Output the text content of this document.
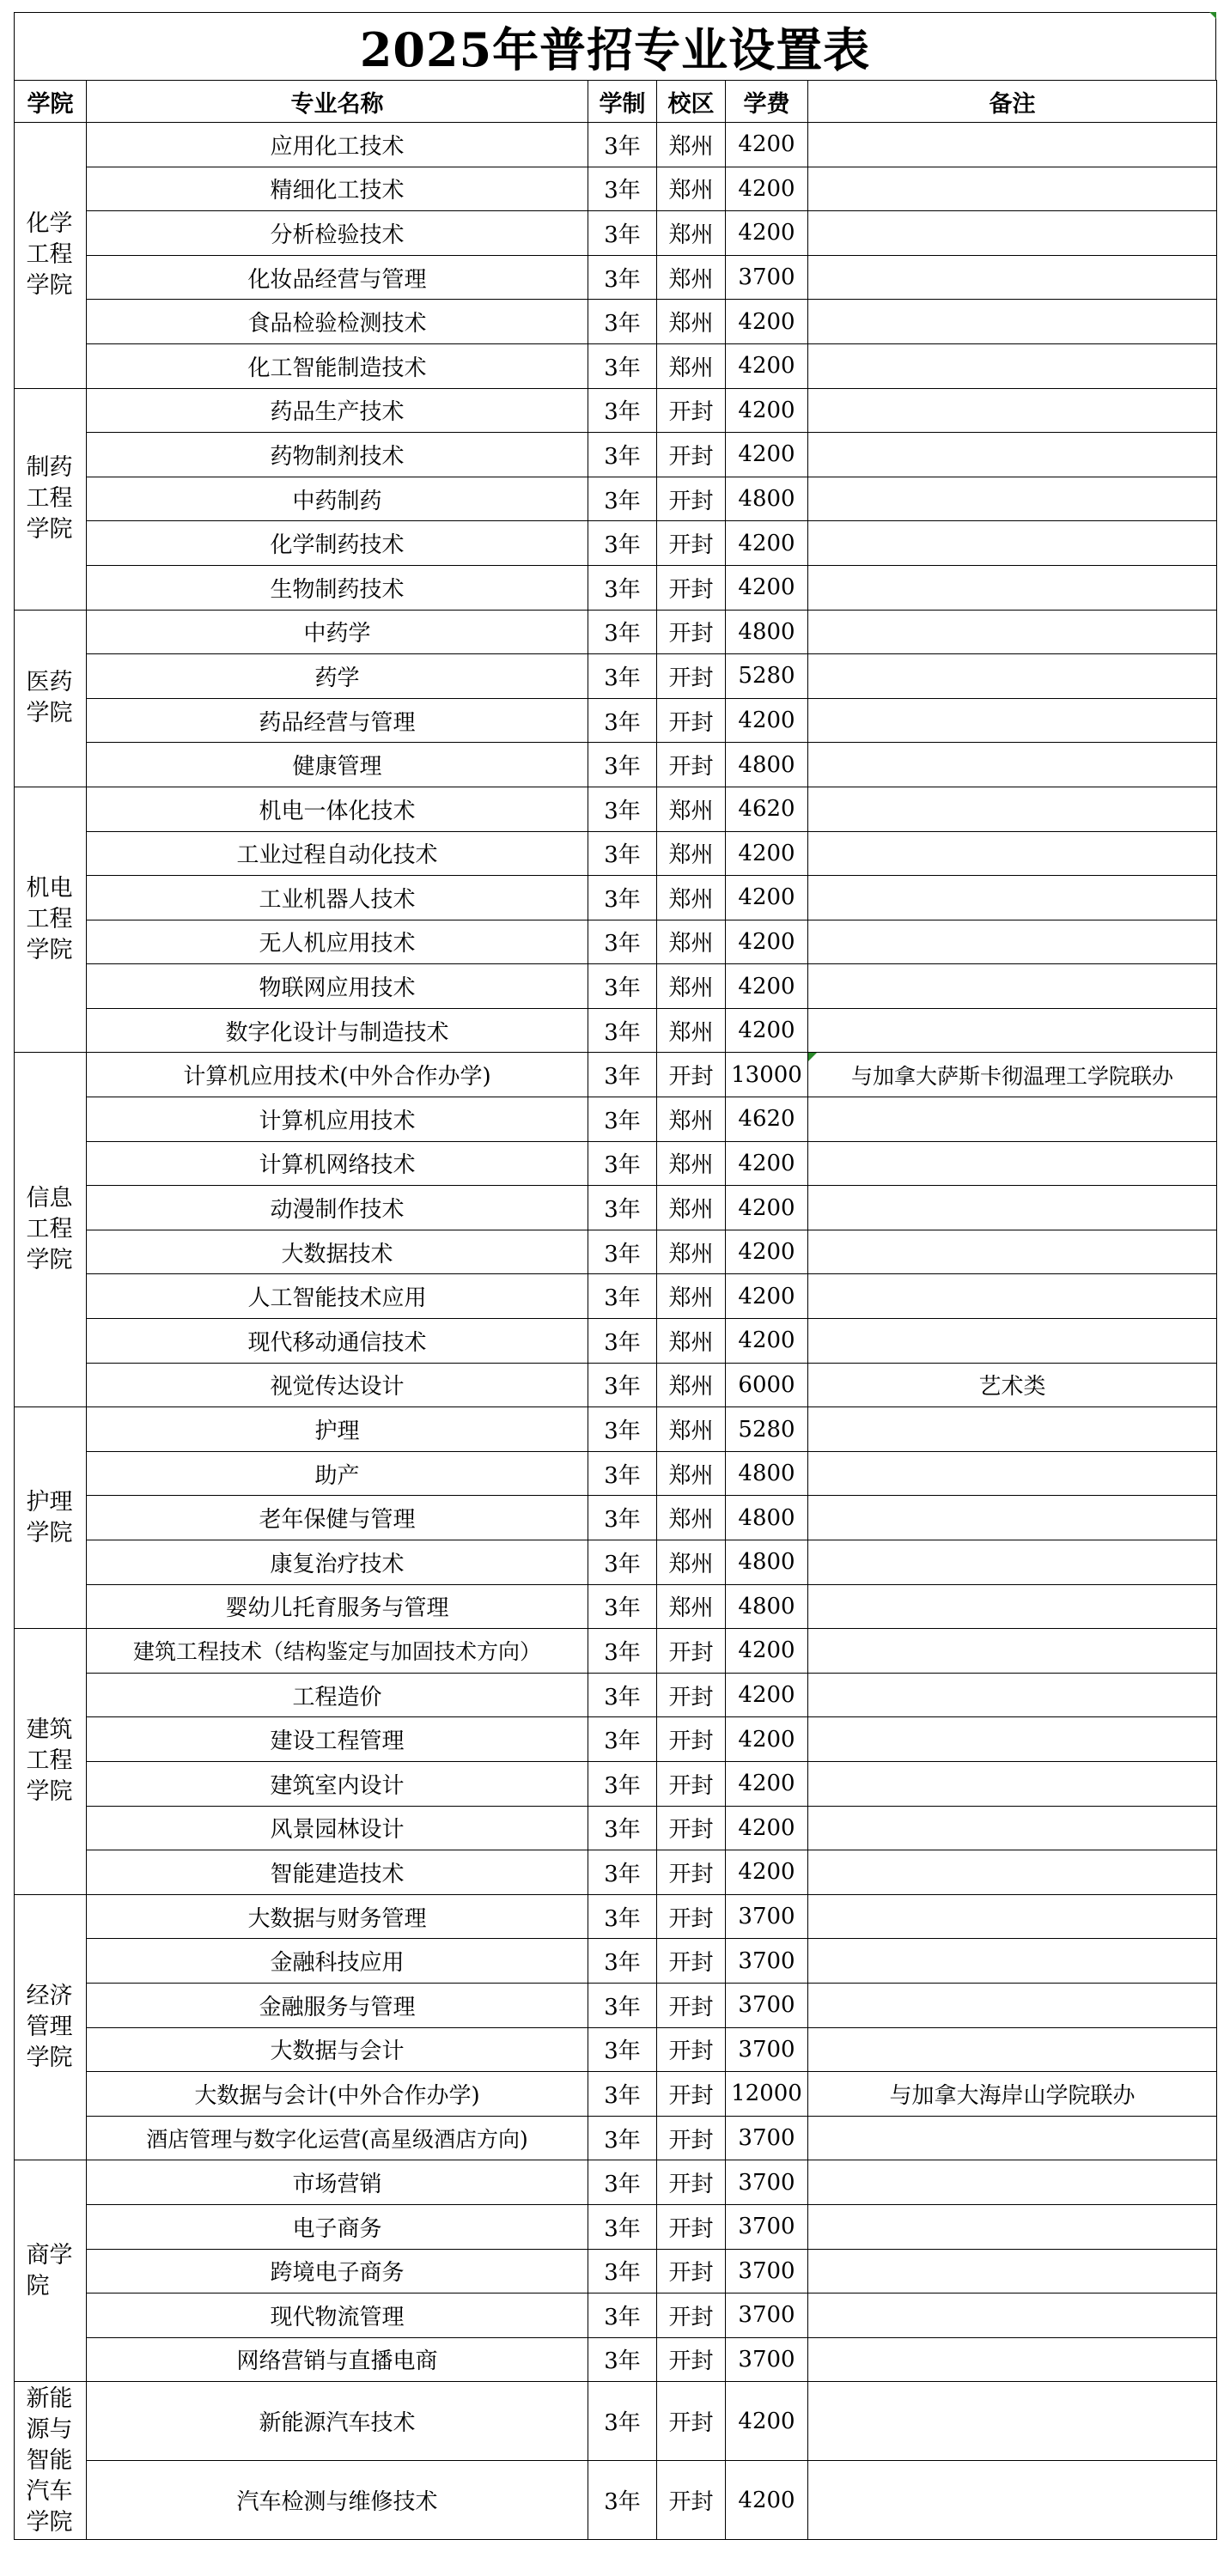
2025年普招专业设置表
学院	专业名称	学制	校区	学费	备注

化学工程学院	应用化工技术	3年	郑州	4200	
	精细化工技术	3年	郑州	4200	
	分析检验技术	3年	郑州	4200	
	化妆品经营与管理	3年	郑州	3700	
	食品检验检测技术	3年	郑州	4200	
	化工智能制造技术	3年	郑州	4200	

制药工程学院	药品生产技术	3年	开封	4200	
	药物制剂技术	3年	开封	4200	
	中药制药	3年	开封	4800	
	化学制药技术	3年	开封	4200	
	生物制药技术	3年	开封	4200	

医药学院	中药学	3年	开封	4800	
	药学	3年	开封	5280	
	药品经营与管理	3年	开封	4200	
	健康管理	3年	开封	4800	

机电工程学院	机电一体化技术	3年	郑州	4620	
	工业过程自动化技术	3年	郑州	4200	
	工业机器人技术	3年	郑州	4200	
	无人机应用技术	3年	郑州	4200	
	物联网应用技术	3年	郑州	4200	
	数字化设计与制造技术	3年	郑州	4200	

信息工程学院	计算机应用技术(中外合作办学)	3年	开封	13000	与加拿大萨斯卡彻温理工学院联办
	计算机应用技术	3年	郑州	4620	
	计算机网络技术	3年	郑州	4200	
	动漫制作技术	3年	郑州	4200	
	大数据技术	3年	郑州	4200	
	人工智能技术应用	3年	郑州	4200	
	现代移动通信技术	3年	郑州	4200	
	视觉传达设计	3年	郑州	6000	艺术类

护理学院	护理	3年	郑州	5280	
	助产	3年	郑州	4800	
	老年保健与管理	3年	郑州	4800	
	康复治疗技术	3年	郑州	4800	
	婴幼儿托育服务与管理	3年	郑州	4800	

建筑工程学院	建筑工程技术（结构鉴定与加固技术方向）	3年	开封	4200	
	工程造价	3年	开封	4200	
	建设工程管理	3年	开封	4200	
	建筑室内设计	3年	开封	4200	
	风景园林设计	3年	开封	4200	
	智能建造技术	3年	开封	4200	

经济管理学院	大数据与财务管理	3年	开封	3700	
	金融科技应用	3年	开封	3700	
	金融服务与管理	3年	开封	3700	
	大数据与会计	3年	开封	3700	
	大数据与会计(中外合作办学)	3年	开封	12000	与加拿大海岸山学院联办
	酒店管理与数字化运营(高星级酒店方向)	3年	开封	3700	

商学院	市场营销	3年	开封	3700	
	电子商务	3年	开封	3700	
	跨境电子商务	3年	开封	3700	
	现代物流管理	3年	开封	3700	
	网络营销与直播电商	3年	开封	3700	

新能源与智能汽车学院	新能源汽车技术	3年	开封	4200	
	汽车检测与维修技术	3年	开封	4200	
